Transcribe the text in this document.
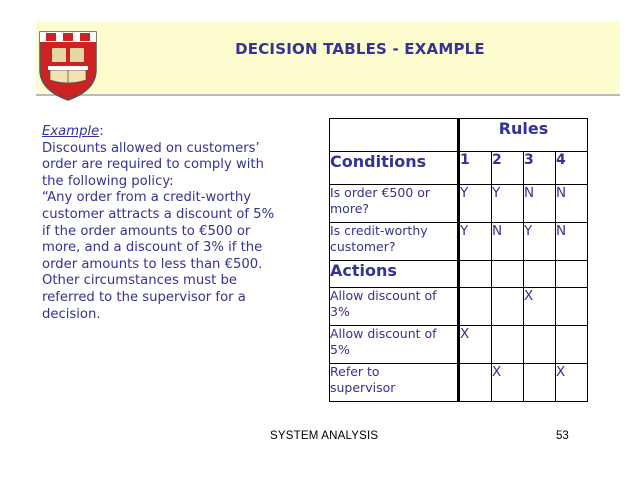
DECISION TABLES - EXAMPLE
Example:
Discounts allowed on customers’
order are required to comply with
the following policy:
“Any order from a credit-worthy
customer attracts a discount of 5%
if the order amounts to €500 or
more, and a discount of 3% if the
order amounts to less than €500.
Other circumstances must be
referred to the supervisor for a
decision.
	Rules			
Conditions	1	2	3	4

Is order €500 or
more?	Y	Y	N	N

Is credit-worthy
customer?	Y	N	Y	N
Actions				

Allow discount of
3%			X	

Allow discount of
5%	X			

Refer to
supervisor		X		X
SYSTEM ANALYSIS	53
